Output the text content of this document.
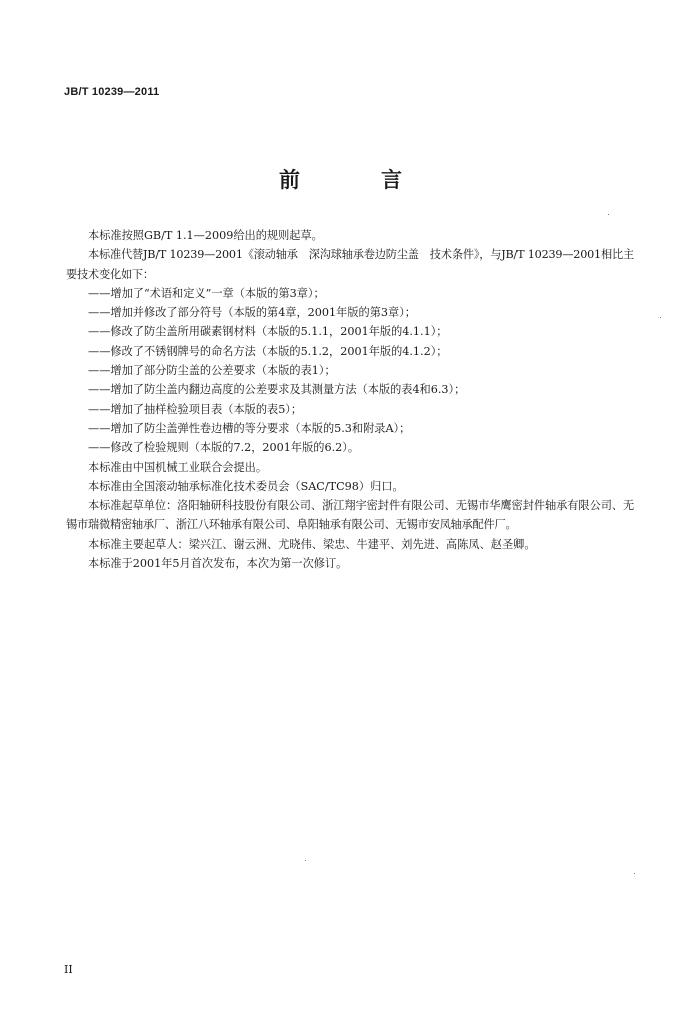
JB/T 10239—2011
前　言

本标准按照GB/T 1.1—2009给出的规则起草。

本标准代替JB/T 10239—2001《滚动轴承　深沟球轴承卷边防尘盖　技术条件》，与JB/T 10239—2001相比主要技术变化如下：

——增加了“术语和定义”一章（本版的第3章）；

——增加并修改了部分符号（本版的第4章，2001年版的第3章）；

——修改了防尘盖所用碳素钢材料（本版的5.1.1，2001年版的4.1.1）；

——修改了不锈钢牌号的命名方法（本版的5.1.2，2001年版的4.1.2）；

——增加了部分防尘盖的公差要求（本版的表1）；

——增加了防尘盖内翻边高度的公差要求及其测量方法（本版的表4和6.3）；

——增加了抽样检验项目表（本版的表5）；

——增加了防尘盖弹性卷边槽的等分要求（本版的5.3和附录A）；

——修改了检验规则（本版的7.2，2001年版的6.2）。

本标准由中国机械工业联合会提出。

本标准由全国滚动轴承标准化技术委员会（SAC/TC98）归口。

本标准起草单位：洛阳轴研科技股份有限公司、浙江翔宇密封件有限公司、无锡市华鹰密封件轴承有限公司、无锡市瑞微精密轴承厂、浙江八环轴承有限公司、阜阳轴承有限公司、无锡市安凤轴承配件厂。

本标准主要起草人：梁兴江、谢云洲、尤晓伟、梁忠、牛建平、刘先进、高陈凤、赵圣卿。

本标准于2001年5月首次发布，本次为第一次修订。

II
